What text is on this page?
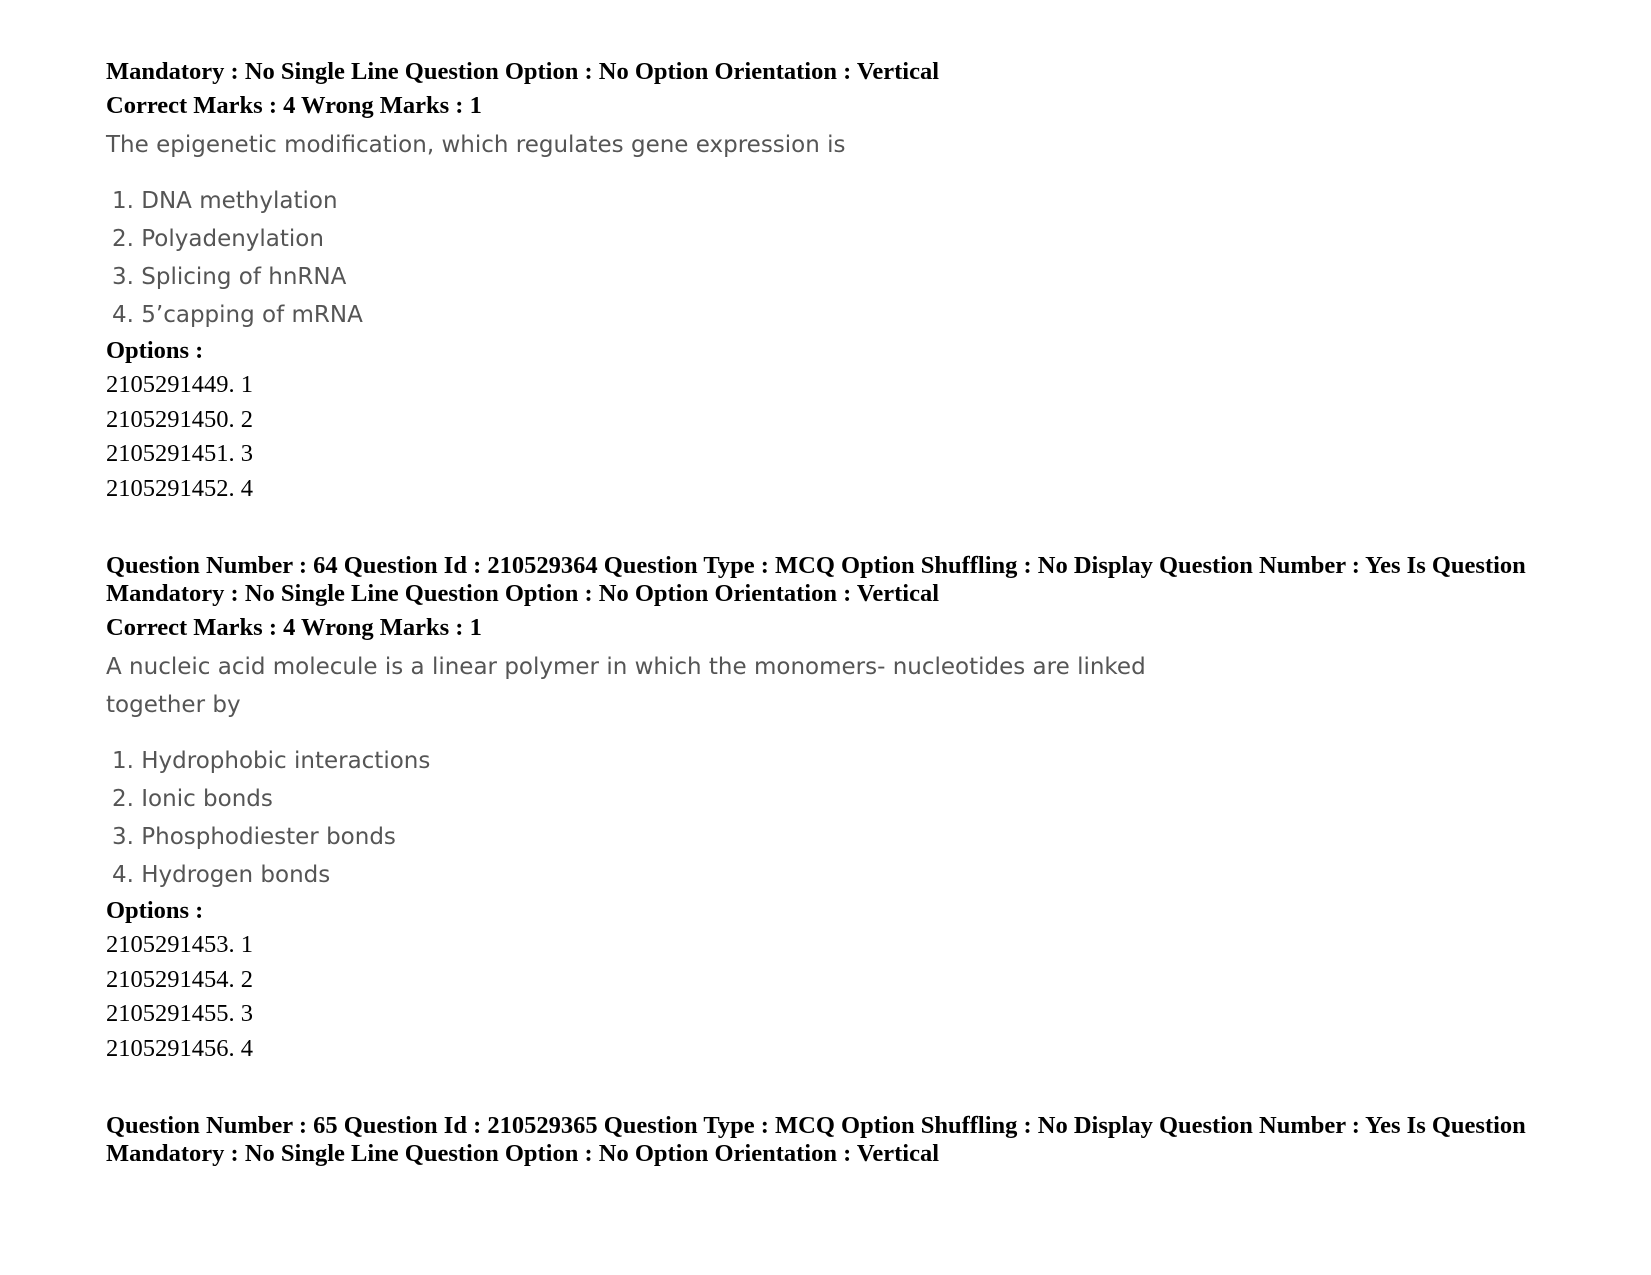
Mandatory : No Single Line Question Option : No Option Orientation : Vertical

Correct Marks : 4 Wrong Marks : 1

The epigenetic modification, which regulates gene expression is

1. DNA methylation
2. Polyadenylation
3. Splicing of hnRNA
4. 5’capping of mRNA

Options :

2105291449. 1
2105291450. 2
2105291451. 3
2105291452. 4

Question Number : 64 Question Id : 210529364 Question Type : MCQ Option Shuffling : No Display Question Number : Yes Is Question

Mandatory : No Single Line Question Option : No Option Orientation : Vertical

Correct Marks : 4 Wrong Marks : 1

A nucleic acid molecule is a linear polymer in which the monomers- nucleotides are linked
together by

1. Hydrophobic interactions
2. Ionic bonds
3. Phosphodiester bonds
4. Hydrogen bonds

Options :

2105291453. 1
2105291454. 2
2105291455. 3
2105291456. 4

Question Number : 65 Question Id : 210529365 Question Type : MCQ Option Shuffling : No Display Question Number : Yes Is Question

Mandatory : No Single Line Question Option : No Option Orientation : Vertical
